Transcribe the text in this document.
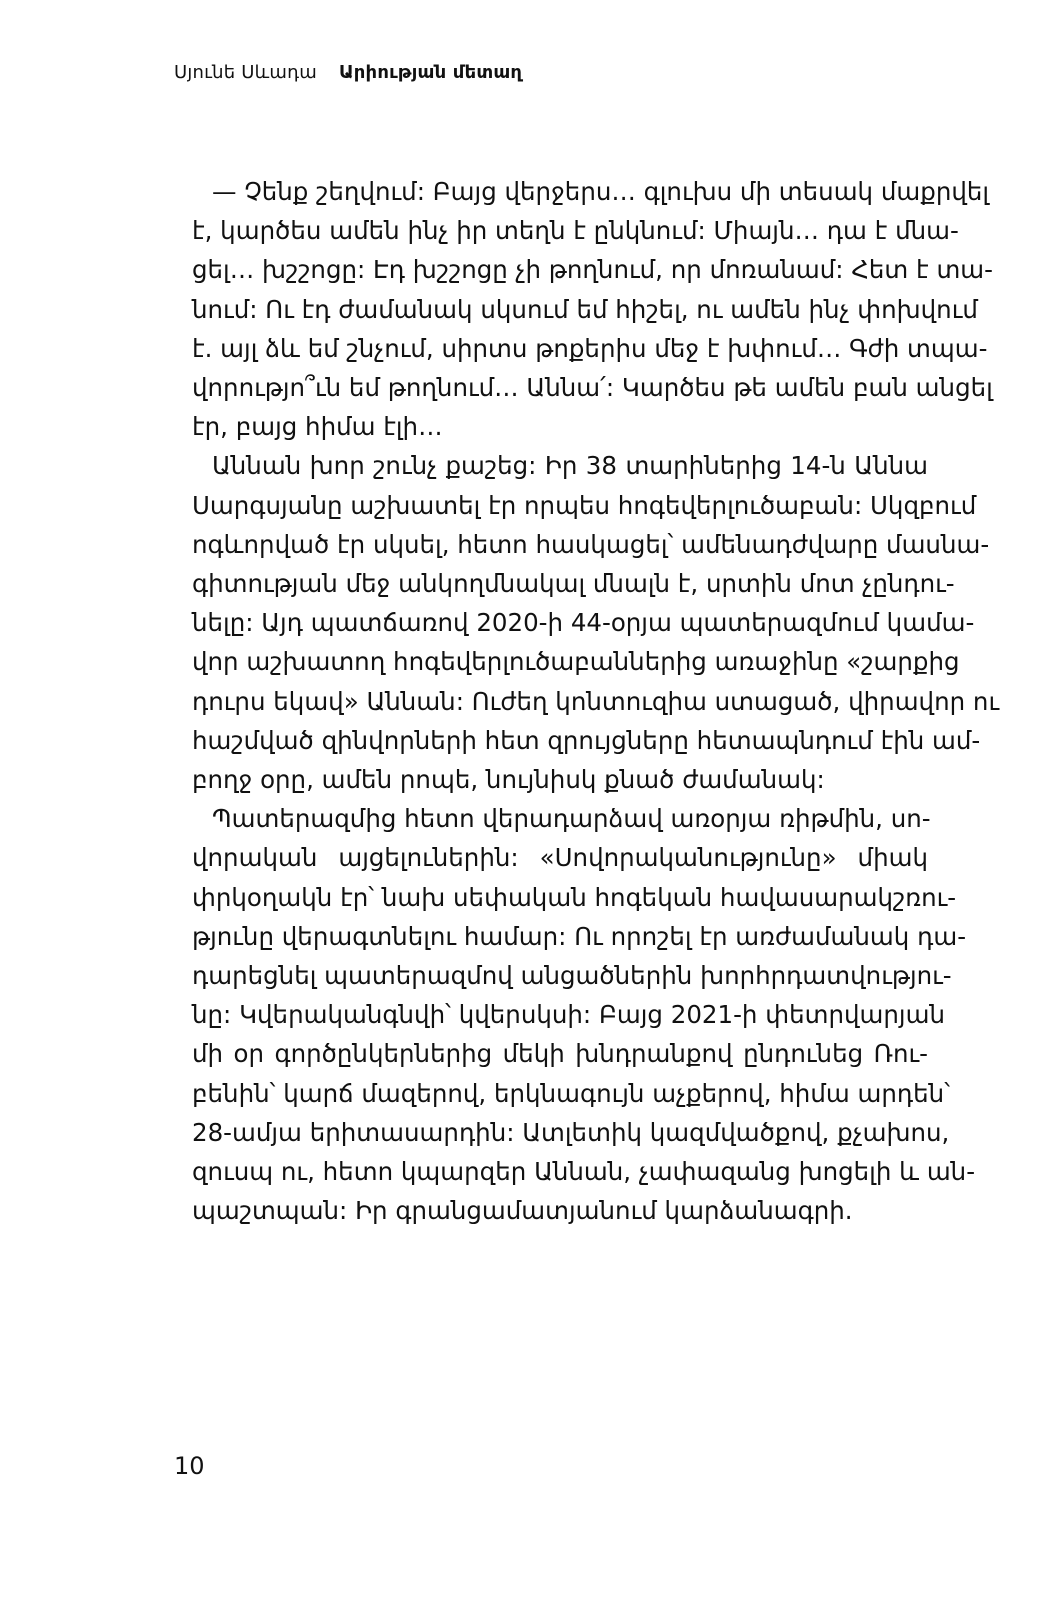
Սյունե Սևադա Արիության մետաղ

— Չենք շեղվում: Բայց վերջերս… գլուխս մի տեսակ մաքրվել
է, կարծես ամեն ինչ իր տեղն է ընկնում: Միայն… դա է մնա-
ցել… խշշոցը: Էդ խշշոցը չի թողնում, որ մոռանամ: Հետ է տա-
նում: Ու էդ ժամանակ սկսում եմ հիշել, ու ամեն ինչ փոխվում
է. այլ ձև եմ շնչում, սիրտս թոքերիս մեջ է խփում… Գժի տպա-
վորությո՞ւն եմ թողնում… Աննա՛: Կարծես թե ամեն բան անցել
էր, բայց հիմա էլի…

Աննան խոր շունչ քաշեց: Իր 38 տարիներից 14-ն Աննա
Սարգսյանը աշխատել էր որպես հոգեվերլուծաբան: Սկզբում
ոգևորված էր սկսել, հետո հասկացել՝ ամենադժվարը մասնա-
գիտության մեջ անկողմնակալ մնալն է, սրտին մոտ չընդու-
նելը: Այդ պատճառով 2020-ի 44-օրյա պատերազմում կամա-
վոր աշխատող հոգեվերլուծաբաններից առաջինը «շարքից
դուրս եկավ» Աննան: Ուժեղ կոնտուզիա ստացած, վիրավոր ու
հաշմված զինվորների հետ զրույցները հետապնդում էին ամ-
բողջ օրը, ամեն րոպե, նույնիսկ քնած ժամանակ:

Պատերազմից հետո վերադարձավ առօրյա ռիթմին, սո-
վորական այցելուներին: «Սովորականությունը» միակ
փրկօղակն էր՝ նախ սեփական հոգեկան հավասարակշռու-
թյունը վերագտնելու համար: Ու որոշել էր առժամանակ դա-
դարեցնել պատերազմով անցածներին խորհրդատվությու-
նը: Կվերականգնվի՝ կվերսկսի: Բայց 2021-ի փետրվարյան
մի օր գործընկերներից մեկի խնդրանքով ընդունեց Ռու-
բենին՝ կարճ մազերով, երկնագույն աչքերով, հիմա արդեն՝
28-ամյա երիտասարդին: Ատլետիկ կազմվածքով, քչախոս,
զուսպ ու, հետո կպարզեր Աննան, չափազանց խոցելի և ան-
պաշտպան: Իր գրանցամատյանում կարձանագրի.

10
